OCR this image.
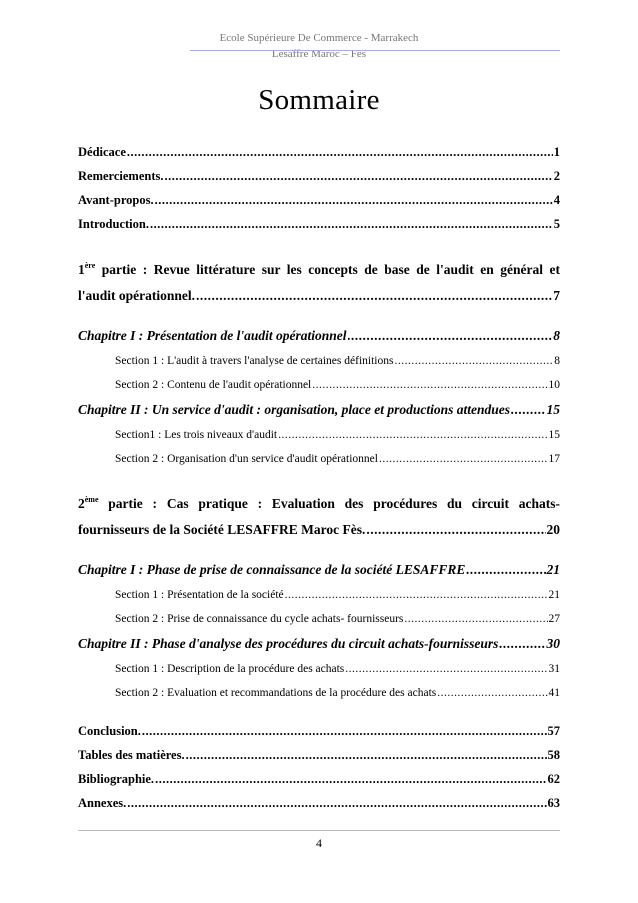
Ecole Supérieure De Commerce - Marrakech
Lesaffre Maroc – Fès
Sommaire
Dédicace .....	1
Remerciements. .....	2
Avant-propos. .....	4
Introduction. .....	5
1ère partie : Revue littérature sur les concepts de base de l'audit en général et
l'audit opérationnel. .....	7
Chapitre I : Présentation de l'audit opérationnel .....	8
Section 1 : L'audit à travers l'analyse de certaines définitions .....	8
Section 2 : Contenu de l'audit opérationnel .....	10
Chapitre II : Un service d'audit : organisation, place et productions attendues .....	15
Section1 : Les trois niveaux d'audit .....	15
Section 2 : Organisation d'un service d'audit opérationnel .....	17
2ème partie : Cas pratique : Evaluation des procédures du circuit achats-
fournisseurs de la Société LESAFFRE Maroc Fès. .....	20
Chapitre I : Phase de prise de connaissance de la société LESAFFRE .....	21
Section 1 : Présentation de la société .....	21
Section 2 : Prise de connaissance du cycle achats- fournisseurs .....	27
Chapitre II : Phase d'analyse des procédures du circuit achats-fournisseurs .....	30
Section 1 : Description de la procédure des achats .....	31
Section 2 : Evaluation et recommandations de la procédure des achats .....	41
Conclusion. .....	57
Tables des matières. .....	58
Bibliographie. .....	62
Annexes. .....	63
4
